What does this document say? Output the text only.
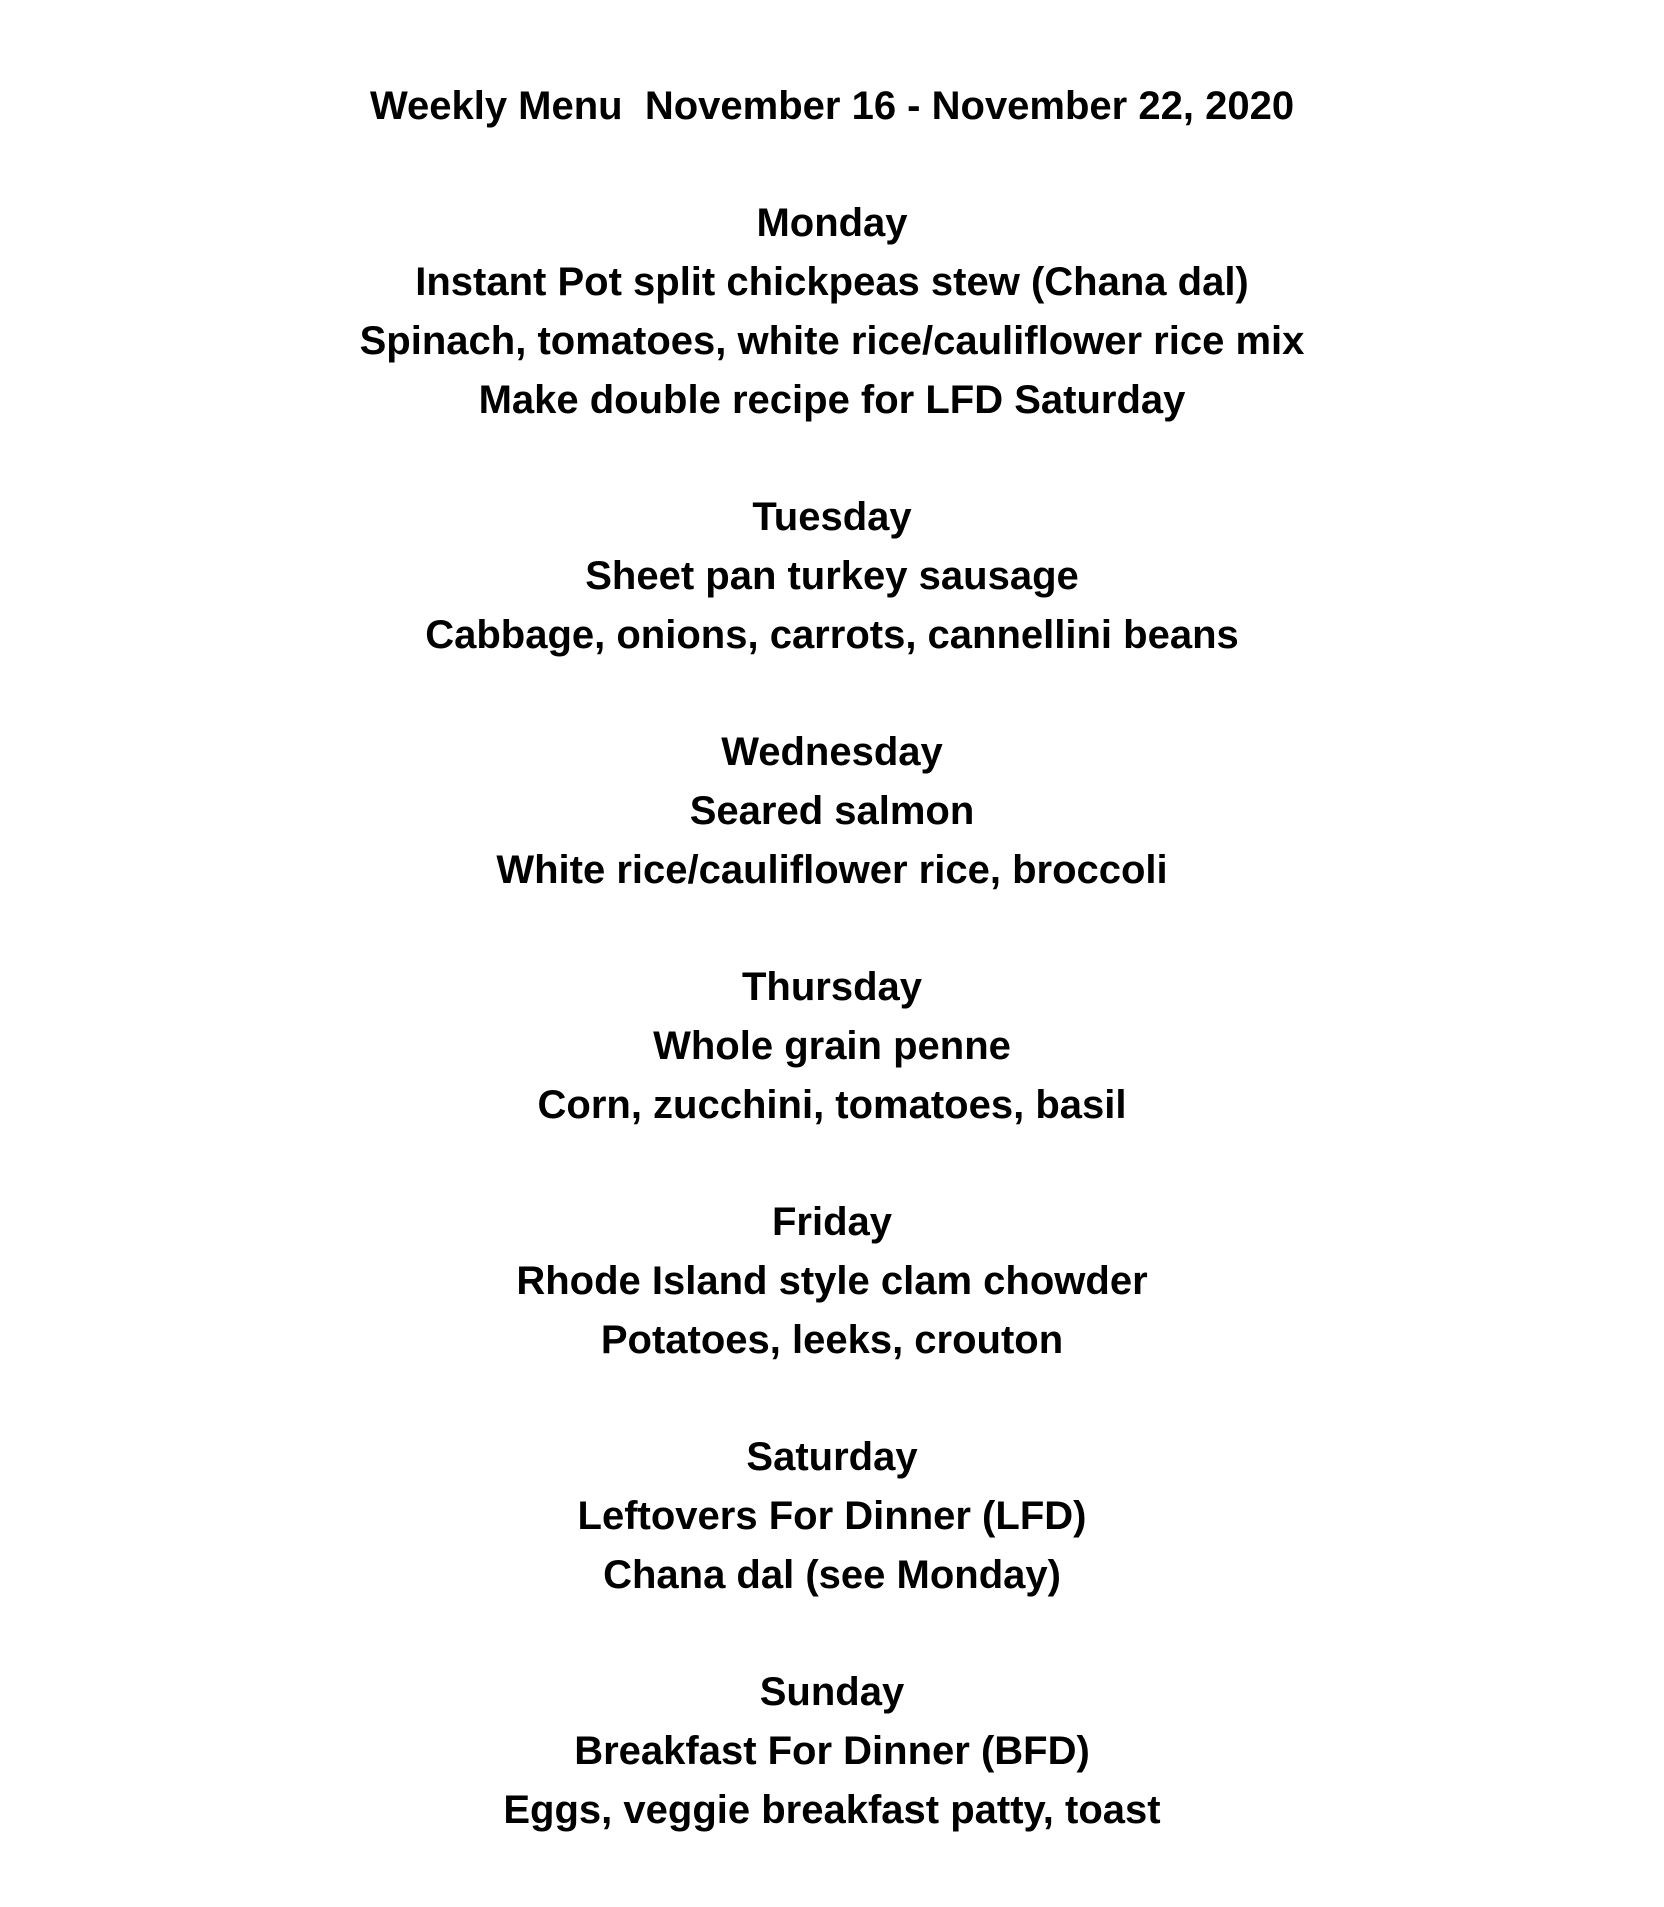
Weekly Menu  November 16 - November 22, 2020
Monday
Instant Pot split chickpeas stew (Chana dal)
Spinach, tomatoes, white rice/cauliflower rice mix
Make double recipe for LFD Saturday
Tuesday
Sheet pan turkey sausage
Cabbage, onions, carrots, cannellini beans
Wednesday
Seared salmon
White rice/cauliflower rice, broccoli
Thursday
Whole grain penne
Corn, zucchini, tomatoes, basil
Friday
Rhode Island style clam chowder
Potatoes, leeks, crouton
Saturday
Leftovers For Dinner (LFD)
Chana dal (see Monday)
Sunday
Breakfast For Dinner (BFD)
Eggs, veggie breakfast patty, toast
